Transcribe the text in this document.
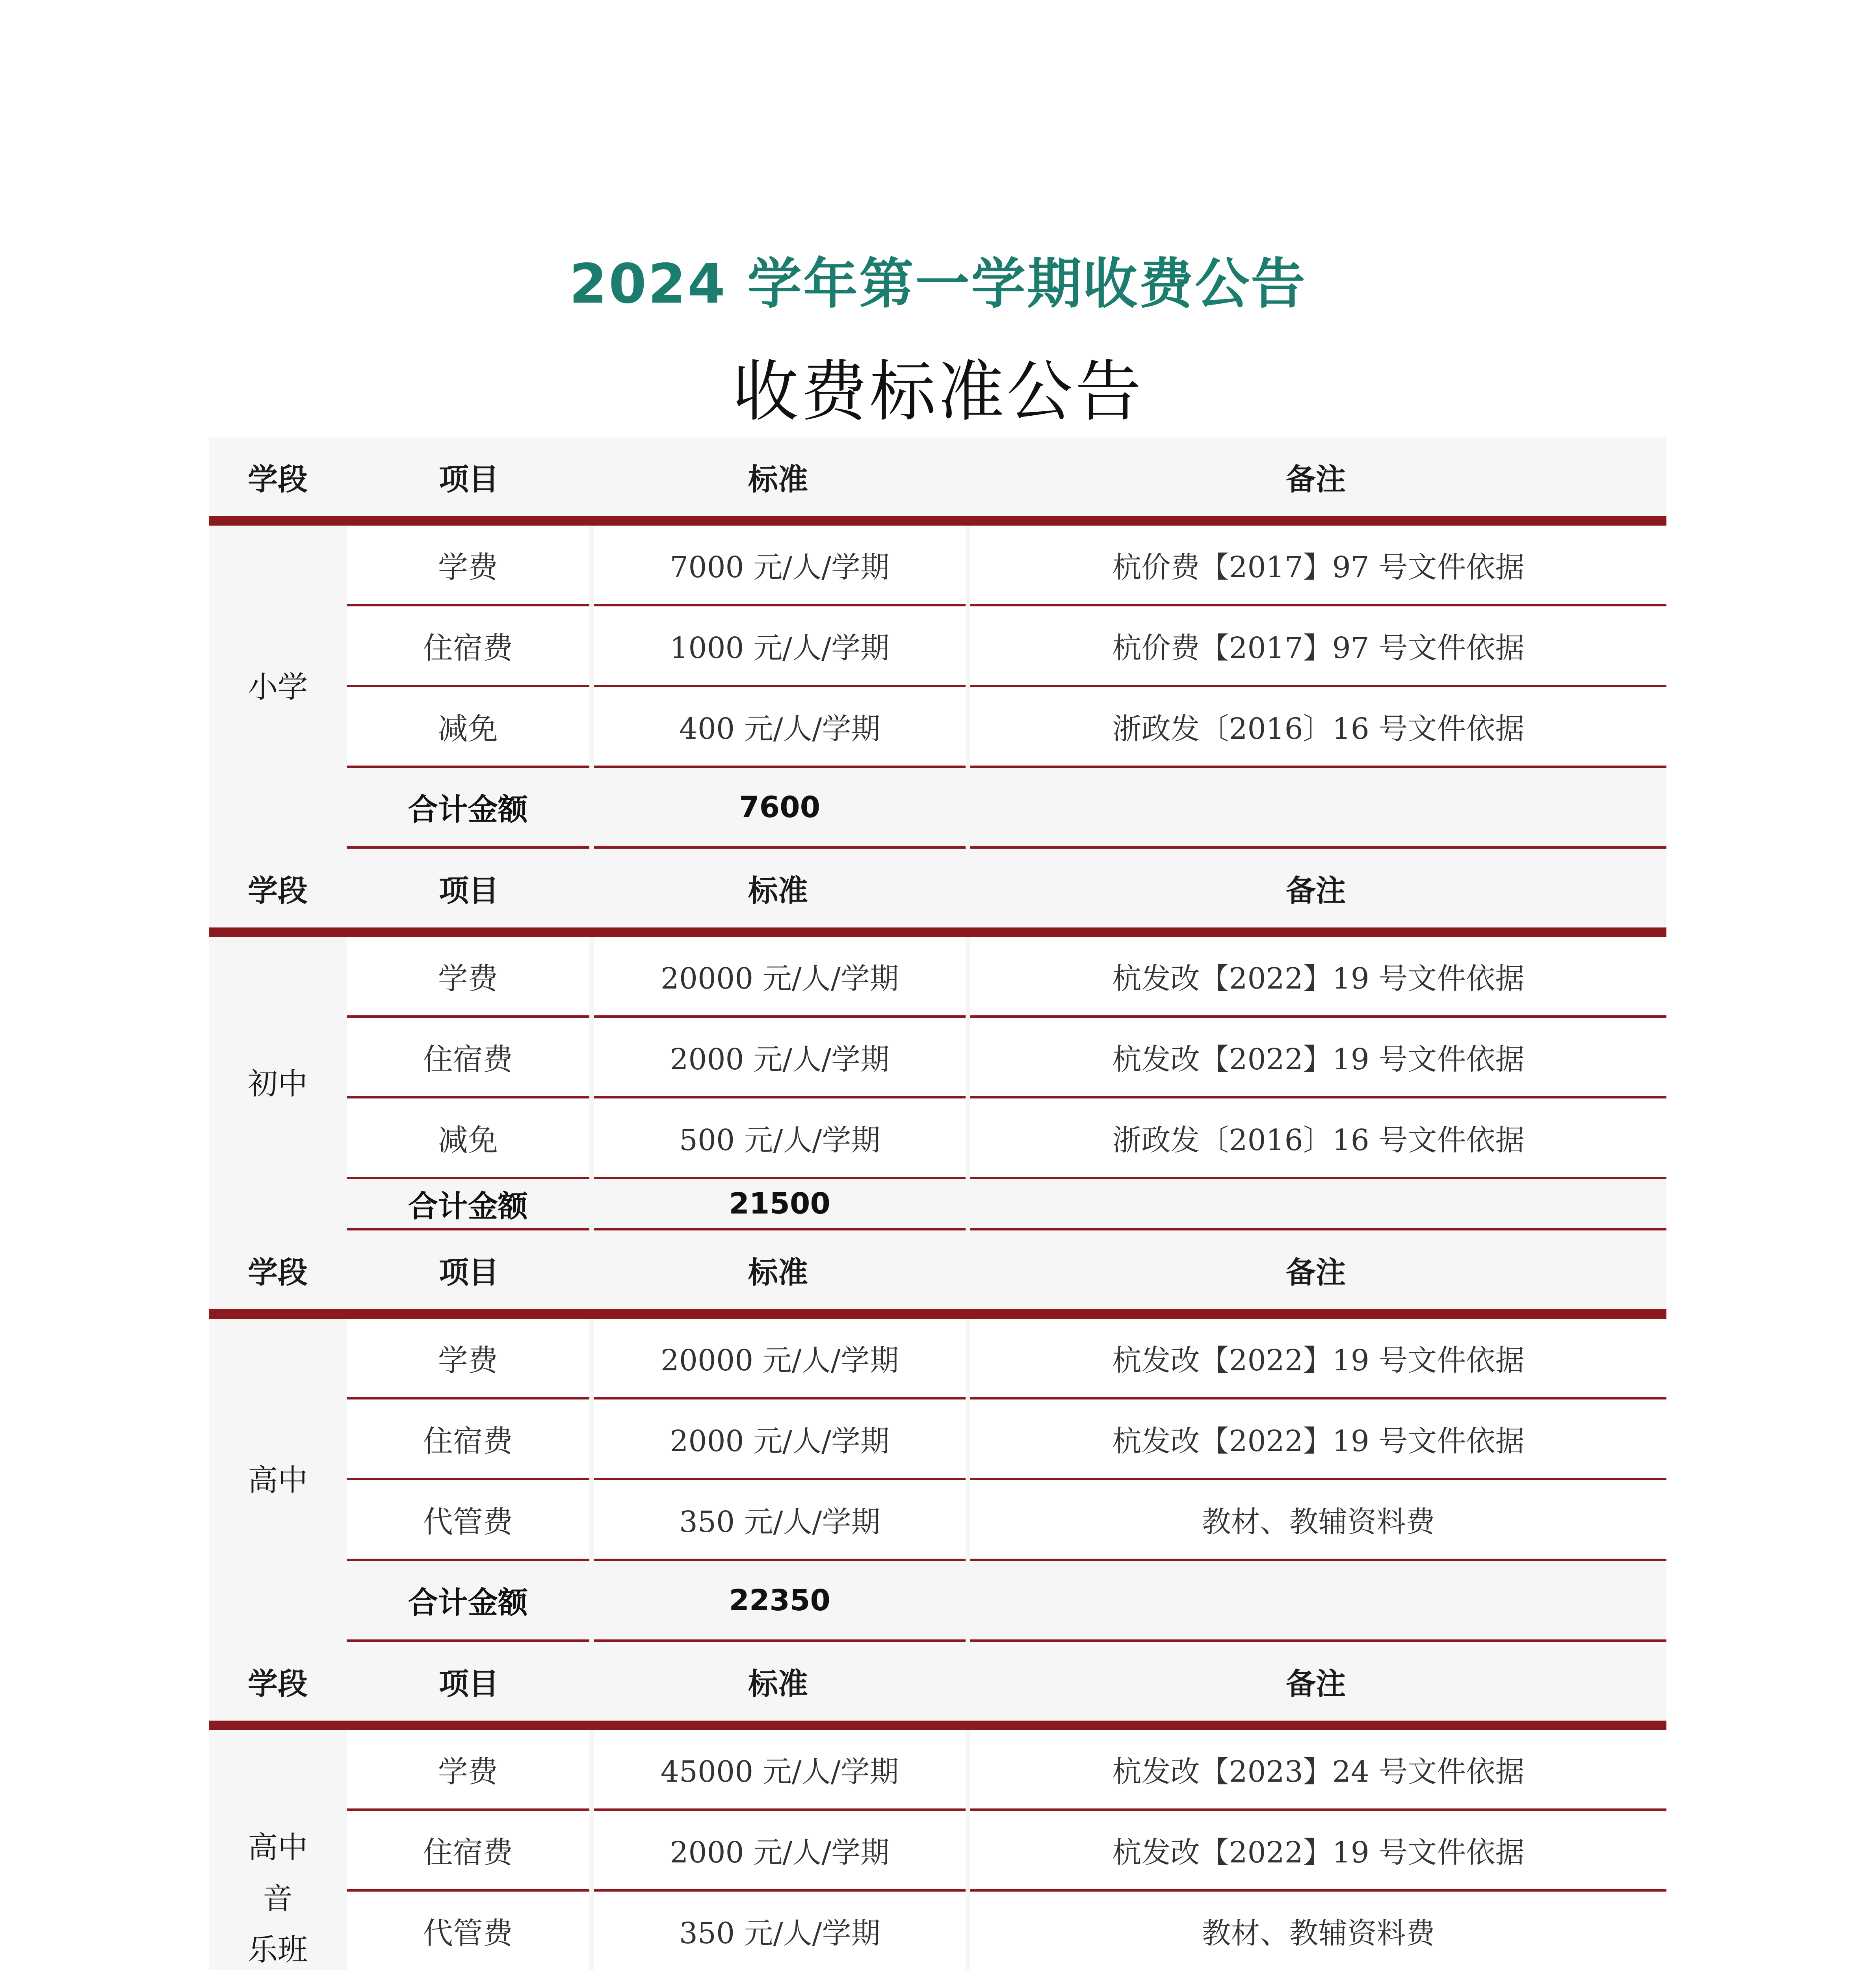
2024 学年第一学期收费公告
收费标准公告
学段	项目	标准	备注
小学
学费	7000 元/人/学期	杭价费【2017】97 号文件依据
住宿费	1000 元/人/学期	杭价费【2017】97 号文件依据
减免	400 元/人/学期	浙政发〔2016〕16 号文件依据
合计金额	7600
学段	项目	标准	备注
初中
学费	20000 元/人/学期	杭发改【2022】19 号文件依据
住宿费	2000 元/人/学期	杭发改【2022】19 号文件依据
减免	500 元/人/学期	浙政发〔2016〕16 号文件依据
合计金额	21500
学段	项目	标准	备注
高中
学费	20000 元/人/学期	杭发改【2022】19 号文件依据
住宿费	2000 元/人/学期	杭发改【2022】19 号文件依据
代管费	350 元/人/学期	教材、教辅资料费
合计金额	22350
学段	项目	标准	备注
高中音
乐班
学费	45000 元/人/学期	杭发改【2023】24 号文件依据
住宿费	2000 元/人/学期	杭发改【2022】19 号文件依据
代管费	350 元/人/学期	教材、教辅资料费
